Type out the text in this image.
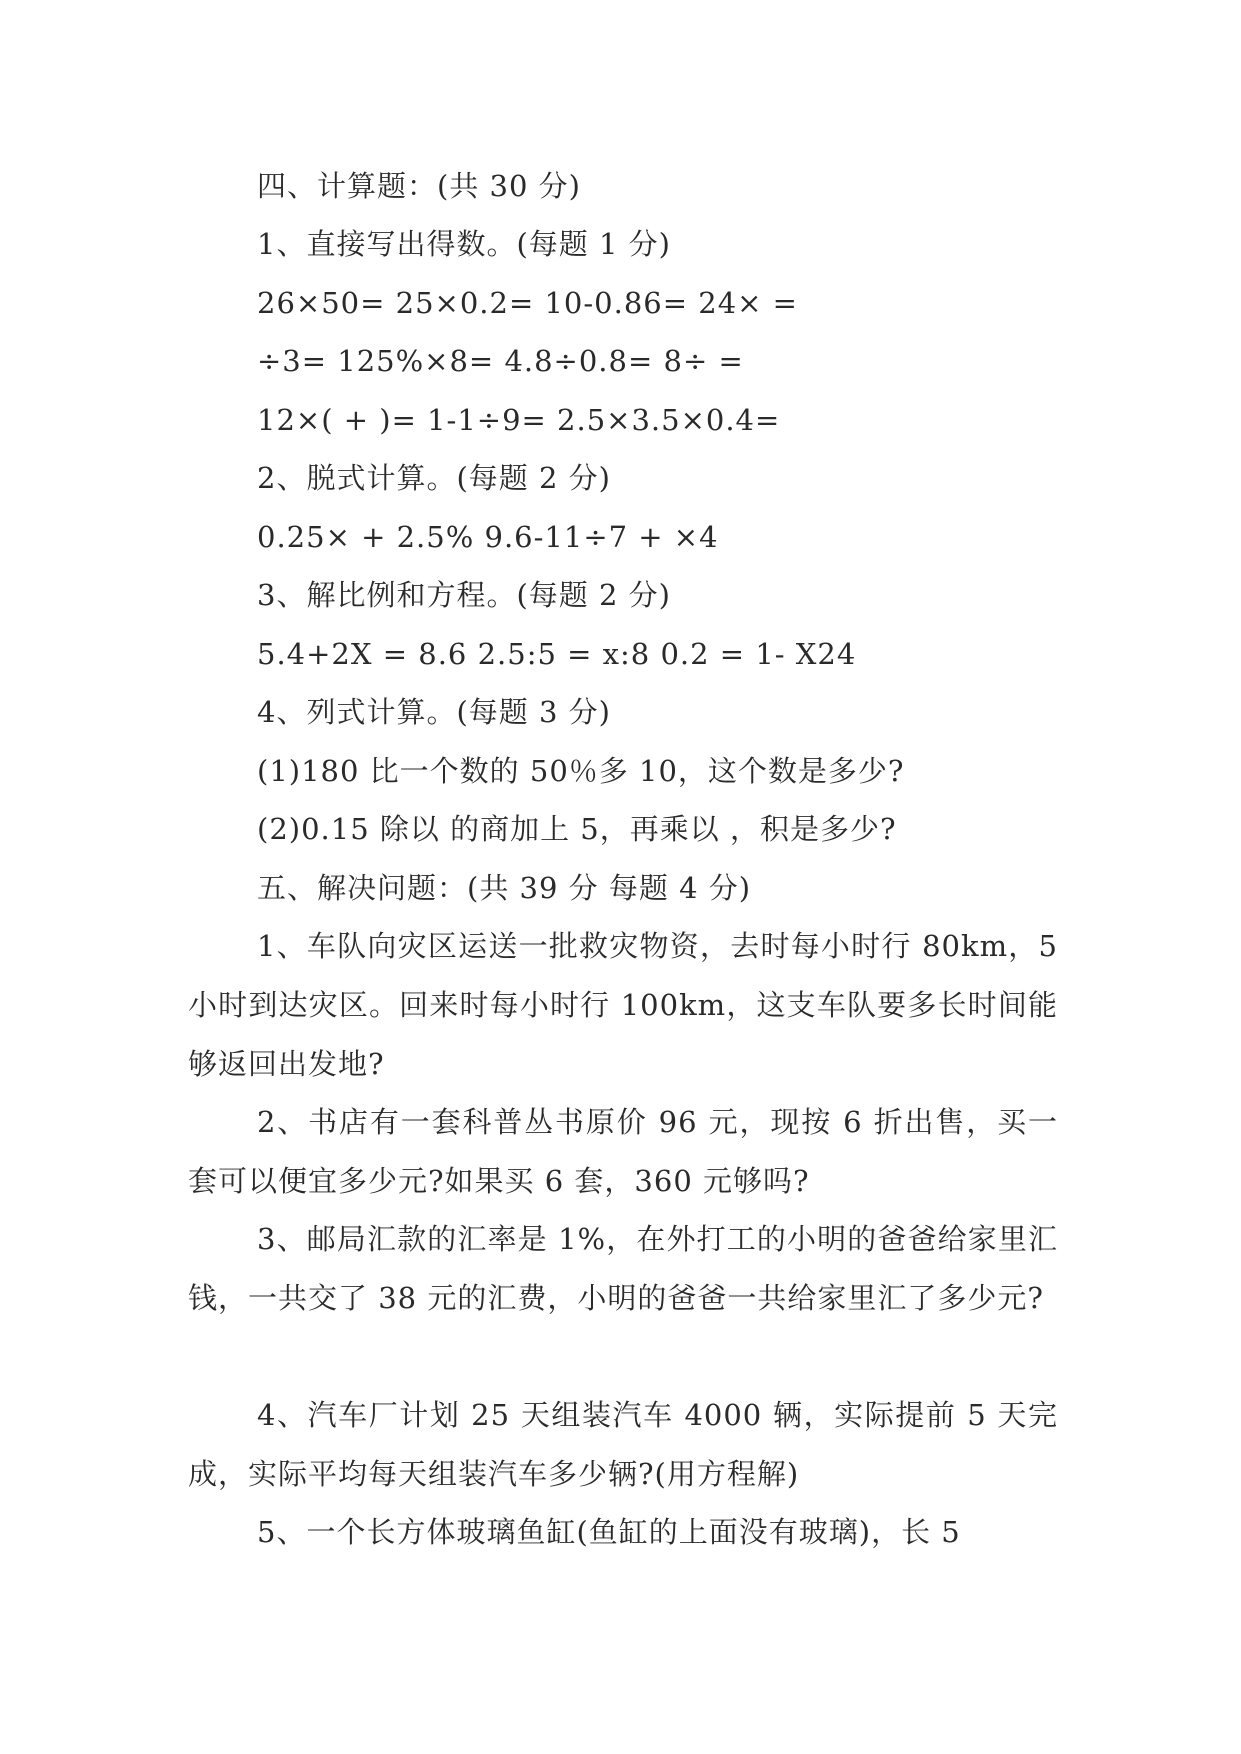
四、计算题：(共 30 分)
1、直接写出得数。(每题 1 分)
26×50= 25×0.2= 10-0.86= 24× =
÷3= 125%×8= 4.8÷0.8= 8÷ =
12×( + )= 1-1÷9= 2.5×3.5×0.4=
2、脱式计算。(每题 2 分)
0.25× + 2.5% 9.6-11÷7 + ×4
3、解比例和方程。(每题 2 分)
5.4+2X = 8.6 2.5:5 = x:8 0.2 = 1- X24
4、列式计算。(每题 3 分)
(1)180 比一个数的 50％多 10，这个数是多少?
(2)0.15 除以 的商加上 5，再乘以 ，积是多少?
五、解决问题：(共 39 分 每题 4 分)
1、车队向灾区运送一批救灾物资，去时每小时行 80km，5 小时到达灾区。回来时每小时行 100km，这支车队要多长时间能够返回出发地?
2、书店有一套科普丛书原价 96 元，现按 6 折出售，买一套可以便宜多少元?如果买 6 套，360 元够吗?
3、邮局汇款的汇率是 1%，在外打工的小明的爸爸给家里汇钱，一共交了 38 元的汇费，小明的爸爸一共给家里汇了多少元?
4、汽车厂计划 25 天组装汽车 4000 辆，实际提前 5 天完成，实际平均每天组装汽车多少辆?(用方程解)
5、一个长方体玻璃鱼缸(鱼缸的上面没有玻璃)，长 5
